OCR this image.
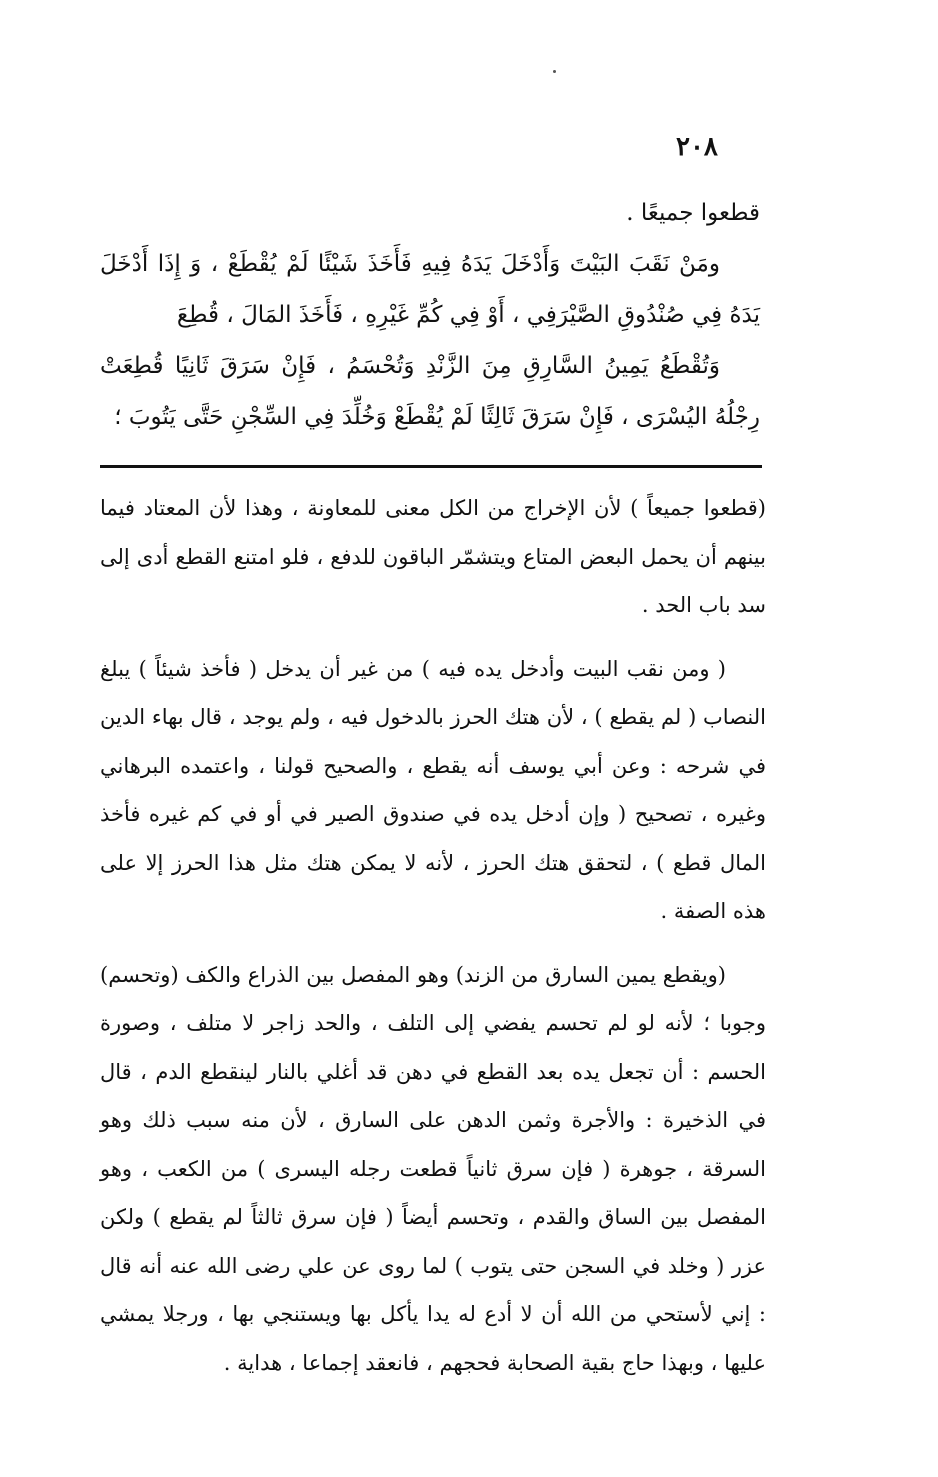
٢٠٨

قطعوا جميعًا .

ومَنْ نَقَبَ البَيْتَ وَأَدْخَلَ يَدَهُ فِيهِ فَأَخَذَ شَيْئًا لَمْ يُقْطَعْ ، وَ إِذَا أَدْخَلَ يَدَهُ فِي صُنْدُوقِ الصَّيْرَفِي ، أَوْ فِي كُمِّ غَيْرِهِ ، فَأَخَذَ المَالَ ، قُطِعَ

وَتُقْطَعُ يَمِينُ السَّارِقِ مِنَ الزَّنْدِ وَتُحْسَمُ ، فَإِنْ سَرَقَ ثَانِيًا قُطِعَتْ رِجْلُهُ اليُسْرَى ، فَإِنْ سَرَقَ ثَالِثًا لَمْ يُقْطَعْ وَخُلِّدَ فِي السِّجْنِ حَتَّى يَتُوبَ ؛

(قطعوا جميعاً ) لأن الإخراج من الكل معنى للمعاونة ، وهذا لأن المعتاد فيما بينهم أن يحمل البعض المتاع ويتشمّر الباقون للدفع ، فلو امتنع القطع أدى إلى سد باب الحد .

( ومن نقب البيت وأدخل يده فيه ) من غير أن يدخل ( فأخذ شيئاً ) يبلغ النصاب ( لم يقطع ) ، لأن هتك الحرز بالدخول فيه ، ولم يوجد ، قال بهاء الدين في شرحه : وعن أبي يوسف أنه يقطع ، والصحيح قولنا ، واعتمده البرهاني وغيره ، تصحيح ( وإن أدخل يده في صندوق الصير في أو في كم غيره فأخذ المال قطع ) ، لتحقق هتك الحرز ، لأنه لا يمكن هتك مثل هذا الحرز إلا على هذه الصفة .

(ويقطع يمين السارق من الزند) وهو المفصل بين الذراع والكف (وتحسم) وجوبا ؛ لأنه لو لم تحسم يفضي إلى التلف ، والحد زاجر لا متلف ، وصورة الحسم : أن تجعل يده بعد القطع في دهن قد أغلي بالنار لينقطع الدم ، قال في الذخيرة : والأجرة وثمن الدهن على السارق ، لأن منه سبب ذلك وهو السرقة ، جوهرة ( فإن سرق ثانياً قطعت رجله اليسرى ) من الكعب ، وهو المفصل بين الساق والقدم ، وتحسم أيضاً ( فإن سرق ثالثاً لم يقطع ) ولكن عزر ( وخلد في السجن حتى يتوب ) لما روى عن علي رضى الله عنه أنه قال : إني لأستحي من الله أن لا أدع له يدا يأكل بها ويستنجي بها ، ورجلا يمشي عليها ، وبهذا حاج بقية الصحابة فحجهم ، فانعقد إجماعا ، هداية .
